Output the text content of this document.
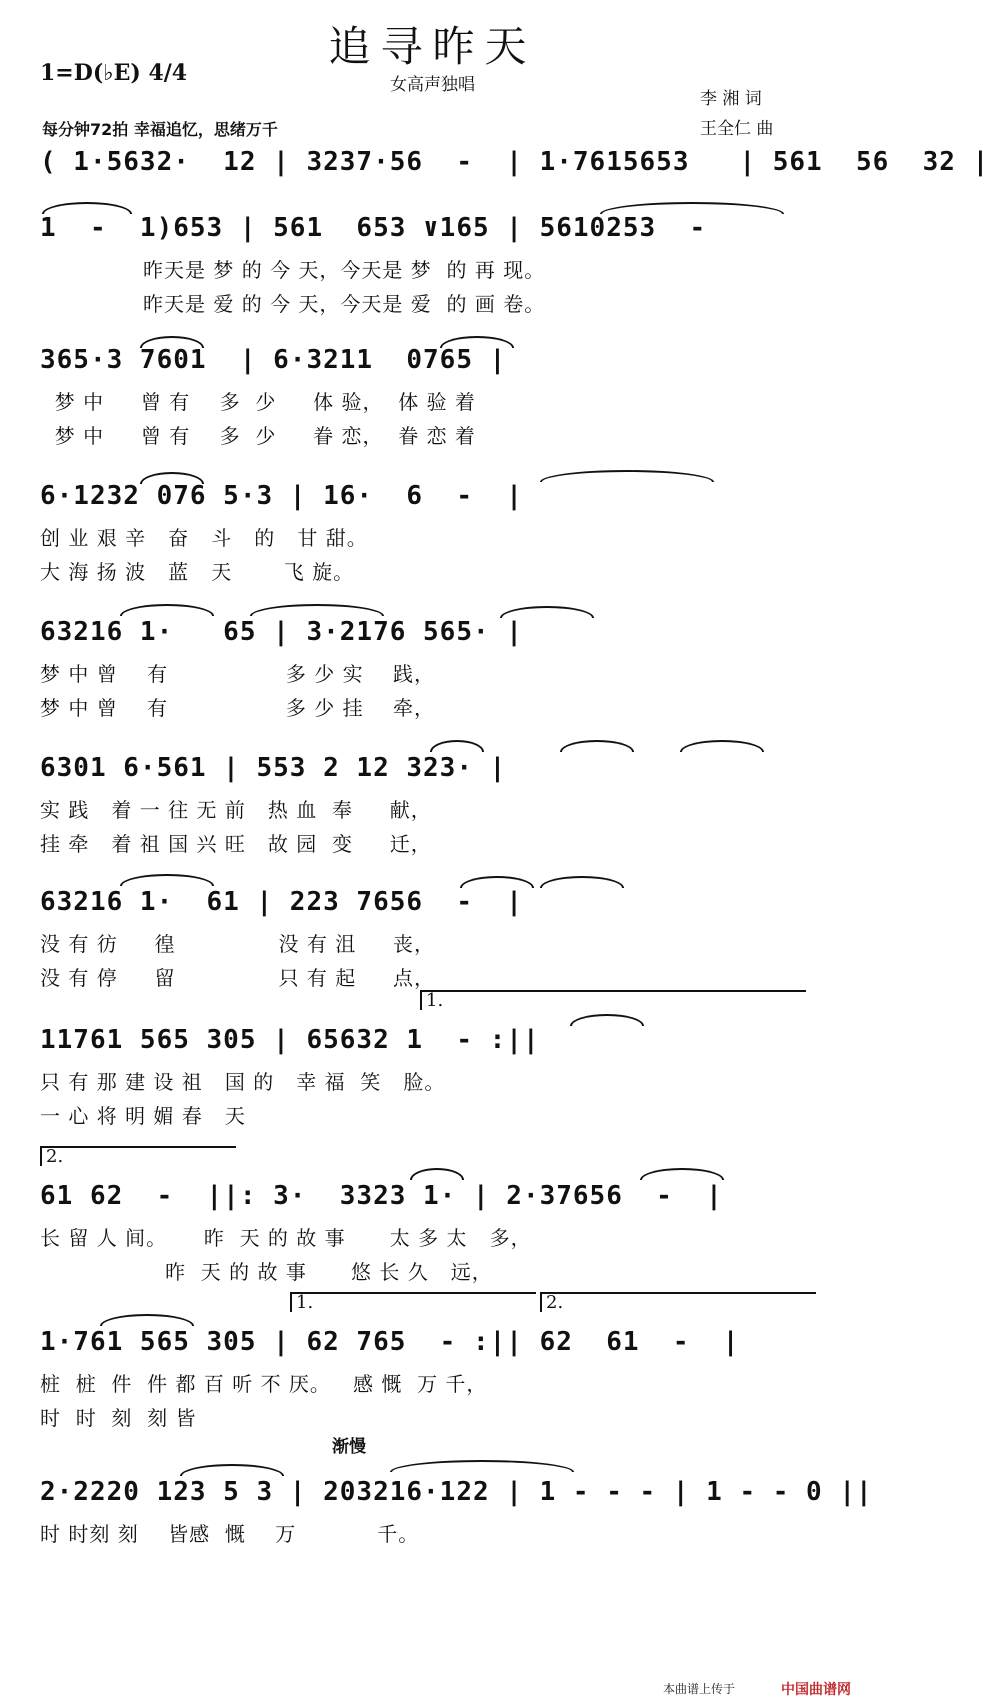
追寻昨天
女高声独唱
1=D(♭E) 4/4
李 湘 词
王全仁 曲
每分钟72拍 幸福追忆，思绪万千
( 1·5632·  12 | 3237·56  -  | 1·7615653   | 561  56  32 |
1  -  1)653 | 561  653 ∨165 | 5610253  -
昨天是 梦 的 今 天，今天是 梦  的 再 现。
昨天是 爱 的 今 天，今天是 爱  的 画 卷。
365·3 7601  | 6·3211  0765 |
梦 中     曾 有    多  少     体 验，  体 验 着
梦 中     曾 有    多  少     眷 恋，  眷 恋 着
6·1232 076 5·3 | 16·  6  -  |
创 业 艰 辛   奋   斗   的   甘 甜。
大 海 扬 波   蓝   天       飞 旋。
63216 1·   65 | 3·2176 565· |
梦 中 曾    有                多 少 实    践，
梦 中 曾    有                多 少 挂    牵，
6301 6·561 | 553 2 12 323· |
实 践   着 一 往 无 前   热 血  奉     献，
挂 牵   着 祖 国 兴 旺   故 园  变     迁，
63216 1·  61 | 223 7656  -  |
没 有 彷     徨              没 有 沮     丧，
没 有 停     留              只 有 起     点，
1.
11761 565 305 | 65632 1  - :||
只 有 那 建 设 祖   国 的   幸 福  笑   脸。
一 心 将 明 媚 春   天
2.
61 62  -  ||: 3·  3323 1· | 2·37656  -  |
长 留 人 间。     昨  天 的 故 事      太 多 太   多，
昨  天 的 故 事      悠 长 久   远，
1.	2.
1·761 565 305 | 62 765  - :|| 62  61  -  |
桩  桩  件  件 都 百 听 不 厌。   感 慨  万 千，
时  时  刻  刻 皆
渐慢
2·2220 123 5 3 | 203216·122 | 1 - - - | 1 - - 0 ||
时 时刻 刻    皆感  慨    万           千。
本曲谱上传于	中国曲谱网
